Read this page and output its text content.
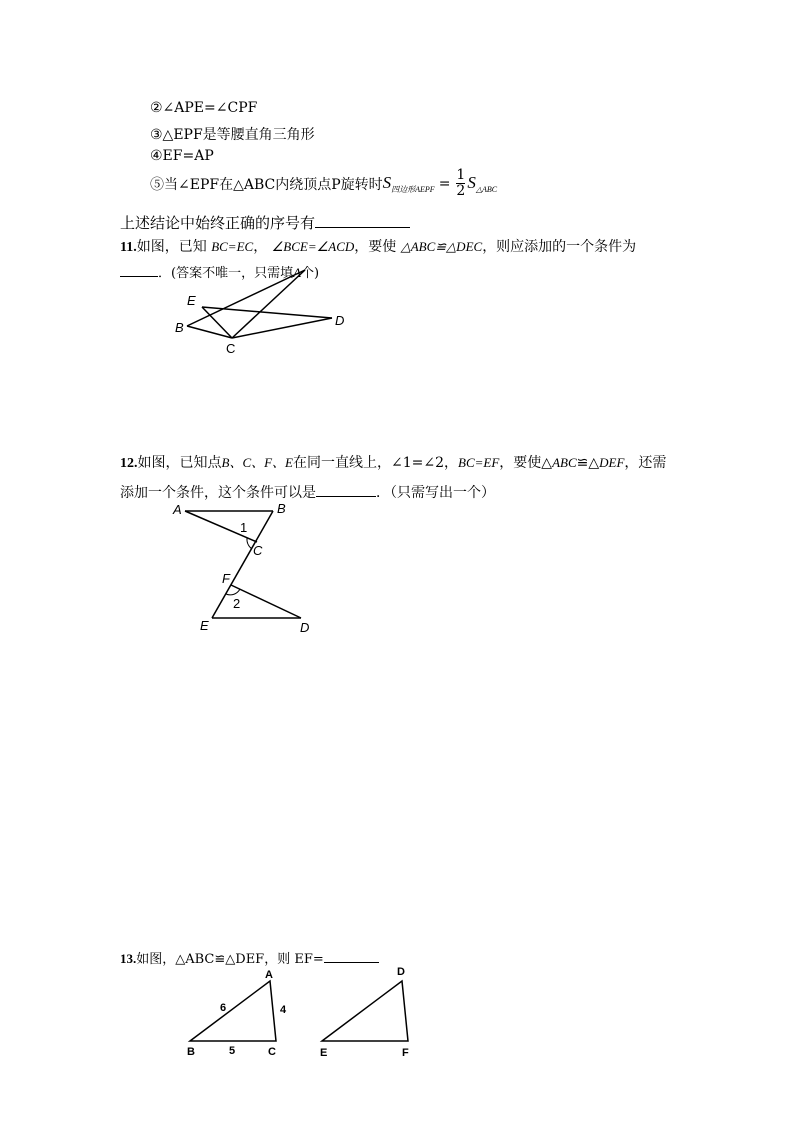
②∠APE=∠CPF
③△EPF是等腰直角三角形
④EF=AP
⑤当∠EPF在△ABC内绕顶点P旋转时 $S_{四边形AEPF} = \frac{1}{2} S_{\triangle ABC}$
上述结论中始终正确的序号有
11.如图，已知 BC=EC， ∠BCE=∠ACD，要使 △ABC≌△DEC，则应添加的一个条件为
．(答案不唯一，只需填A个)
E
B
C
D
A	B
C
F
E	D
1
2
A
B	C
6	4
5
D
E	F
12.如图，已知点B、C、F、E在同一直线上，∠1=∠2，BC=EF，要使△ABC≌△DEF，还需
添加一个条件，这个条件可以是	．（只需写出一个）
13.如图，△ABC≌△DEF，则 EF=
